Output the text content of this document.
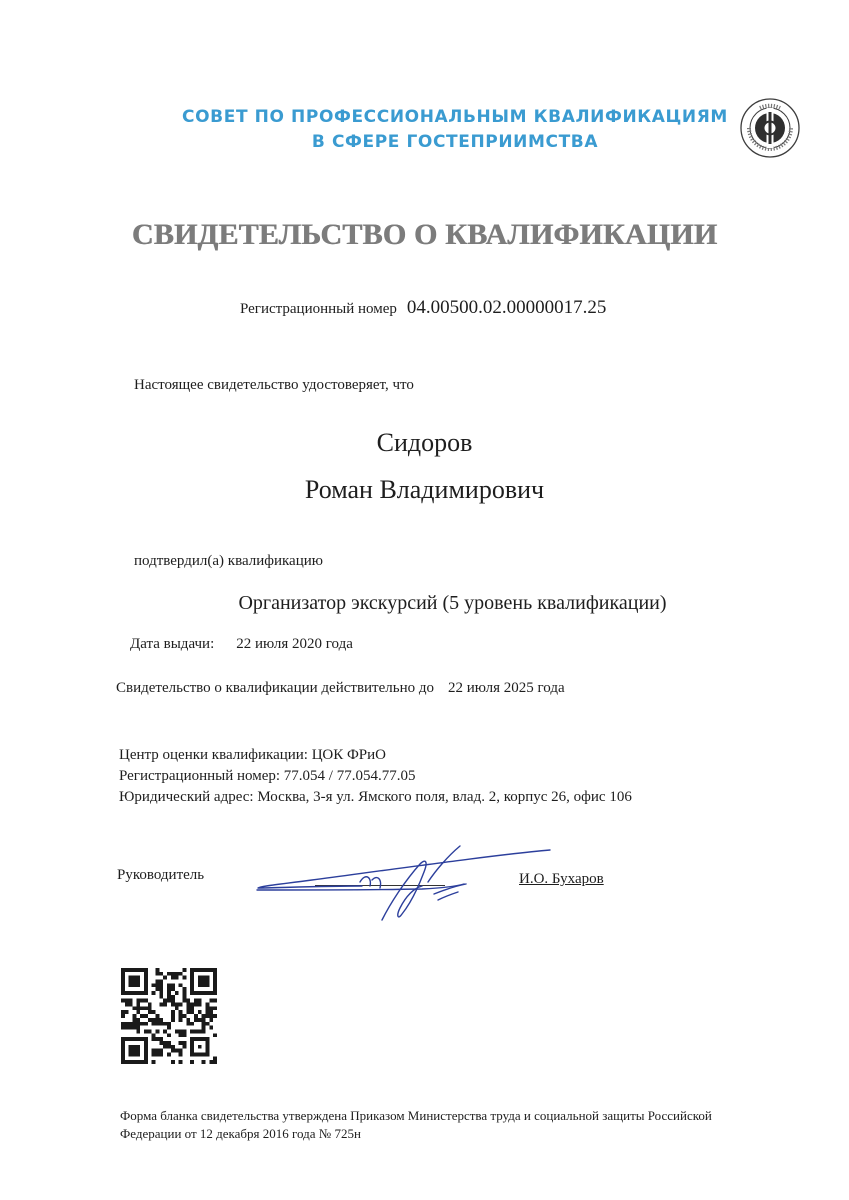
СОВЕТ ПО ПРОФЕССИОНАЛЬНЫМ КВАЛИФИКАЦИЯМ
В СФЕРЕ ГОСТЕПРИИМСТВА
СВИДЕТЕЛЬСТВО О КВАЛИФИКАЦИИ
Регистрационный номер 04.00500.02.00000017.25
Настоящее свидетельство удостоверяет, что
Сидоров
Роман Владимирович
подтвердил(а) квалификацию
Организатор экскурсий (5 уровень квалификации)
Дата выдачи: 22 июля 2020 года
Свидетельство о квалификации действительно до 22 июля 2025 года
Центр оценки квалификации: ЦОК ФРиО
Регистрационный номер: 77.054 / 77.054.77.05
Юридический адрес: Москва, 3-я ул. Ямского поля, влад. 2, корпус 26, офис 106
Руководитель	И.О. Бухаров
Форма бланка свидетельства утверждена Приказом Министерства труда и социальной защиты Российской
Федерации от 12 декабря 2016 года № 725н
